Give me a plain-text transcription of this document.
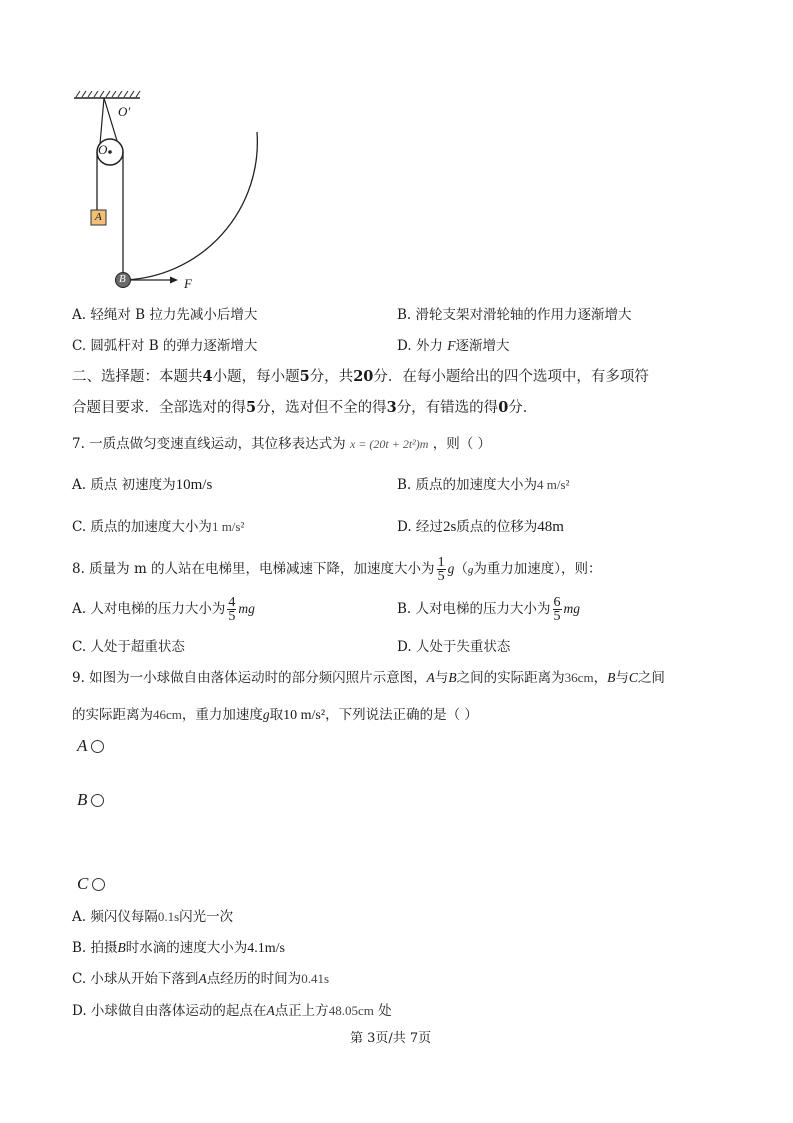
O′
O
A
B	F
A. 轻绳对 B 拉力先减小后增大	B. 滑轮支架对滑轮轴的作用力逐渐增大
C. 圆弧杆对 B 的弹力逐渐增大	D. 外力 F逐渐增大
二、选择题：本题共4小题，每小题5分，共20分．在每小题给出的四个选项中，有多项符
合题目要求．全部选对的得5分，选对但不全的得3分，有错选的得0分．
7. 一质点做匀变速直线运动，其位移表达式为 x = (20t + 2t²)m ，则（ ）
A. 质点 初速度为10m/s	B. 质点的加速度大小为4 m/s²
C. 质点的加速度大小为1 m/s²	D. 经过2s质点的位移为48m
8. 质量为 m 的人站在电梯里，电梯减速下降，加速度大小为 $\frac{1}{5} g(g$为重力加速度），则：
A. 人对电梯的压力大小为 $\frac{4}{5}$ mg	B. 人对电梯的压力大小为 $\frac{6}{5}$ mg
C. 人处于超重状态	D. 人处于失重状态
9. 如图为一小球做自由落体运动时的部分频闪照片示意图，A与B之间的实际距离为36cm，B与C之间
的实际距离为46cm，重力加速度g取10 m/s²，下列说法正确的是（ ）
A
B
C
A. 频闪仪每隔0.1s闪光一次
B. 拍摄B时水滴的速度大小为4.1m/s
C. 小球从开始下落到A点经历的时间为0.41s
D. 小球做自由落体运动的起点在A点正上方48.05cm 处
第 3页/共 7页
